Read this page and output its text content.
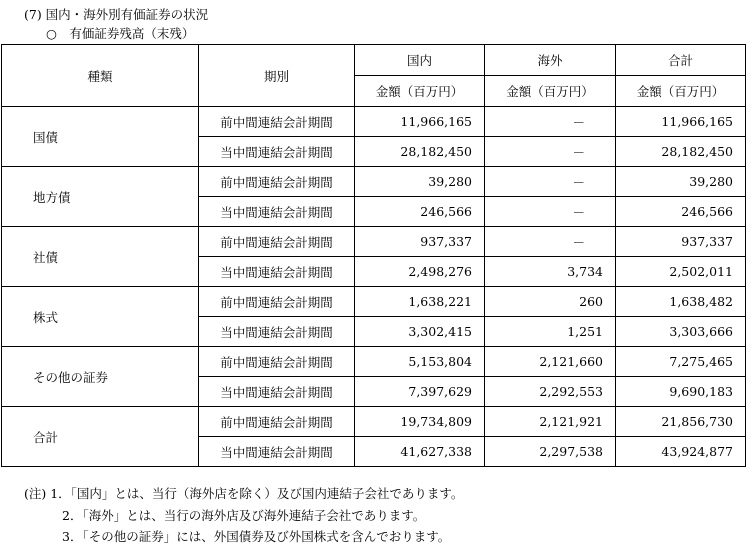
(7) 国内・海外別有価証券の状況
○　有価証券残高（末残）
種類	期別	国内	海外	合計
		金額（百万円）	金額（百万円）	金額（百万円）
国債	前中間連結会計期間	11,966,165	－	11,966,165
	当中間連結会計期間	28,182,450	－	28,182,450
地方債	前中間連結会計期間	39,280	－	39,280
	当中間連結会計期間	246,566	－	246,566
社債	前中間連結会計期間	937,337	－	937,337
	当中間連結会計期間	2,498,276	3,734	2,502,011
株式	前中間連結会計期間	1,638,221	260	1,638,482
	当中間連結会計期間	3,302,415	1,251	3,303,666
その他の証券	前中間連結会計期間	5,153,804	2,121,660	7,275,465
	当中間連結会計期間	7,397,629	2,292,553	9,690,183
合計	前中間連結会計期間	19,734,809	2,121,921	21,856,730
	当中間連結会計期間	41,627,338	2,297,538	43,924,877
(注) 1．「国内」とは、当行（海外店を除く）及び国内連結子会社であります。
2．「海外」とは、当行の海外店及び海外連結子会社であります。
3．「その他の証券」には、外国債券及び外国株式を含んでおります。
